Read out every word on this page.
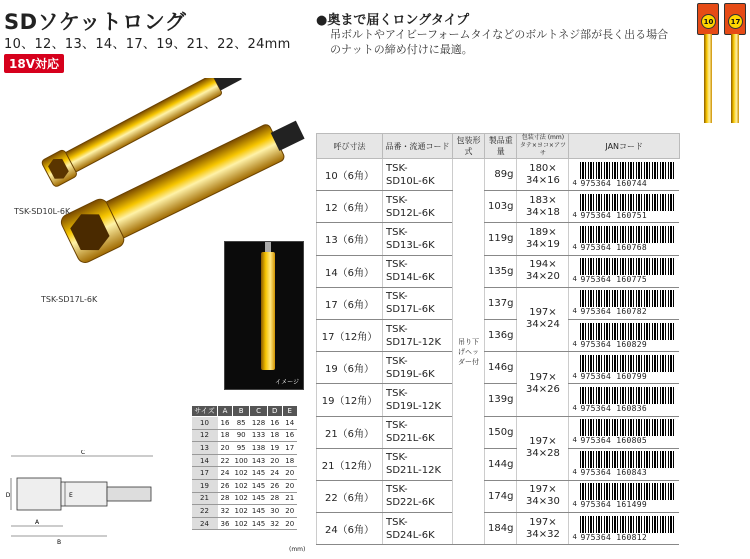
SDソケットロング
10、12、13、14、17、19、21、22、24mm
18V対応
●奥まで届くロングタイプ
吊ボルトやアイビーフォームタイなどのボルトネジ部が長く出る場合のナットの締め付けに最適。
TSK-SD10L-6K
TSK-SD17L-6K
イメージ
10	17
C
D	E
A
B
サイズ	A	B	C	D	E
10	16	85	128	16	14
12	18	90	133	18	16
13	20	95	138	19	17
14	22	100	143	20	18
17	24	102	145	24	20
19	26	102	145	26	20
21	28	102	145	28	21
22	32	102	145	30	20
24	36	102	145	32	20
(mm)
呼び寸法	品番・流通コード	包装形式	製品重量	包装寸法 (mm) タテ×ヨコ×アツサ	JANコード
10（6角）	TSK-
SD10L-6K	吊り下げヘッダー付	89g	180×
34×16	4 975364 160744

12（6角）	TSK-
SD12L-6K		103g	183×
34×18	4 975364 160751

13（6角）	TSK-
SD13L-6K		119g	189×
34×19	4 975364 160768

14（6角）	TSK-
SD14L-6K		135g	194×
34×20	4 975364 160775

17（6角）	TSK-
SD17L-6K		137g	197×
34×24	4 975364 160782

17（12角）	TSK-
SD17L-12K		136g		4 975364 160829

19（6角）	TSK-
SD19L-6K		146g	197×
34×26	4 975364 160799

19（12角）	TSK-
SD19L-12K		139g		4 975364 160836

21（6角）	TSK-
SD21L-6K		150g	197×
34×28	4 975364 160805

21（12角）	TSK-
SD21L-12K		144g		4 975364 160843

22（6角）	TSK-
SD22L-6K		174g	197×
34×30	4 975364 161499

24（6角）	TSK-
SD24L-6K		184g	197×
34×32	4 975364 160812
